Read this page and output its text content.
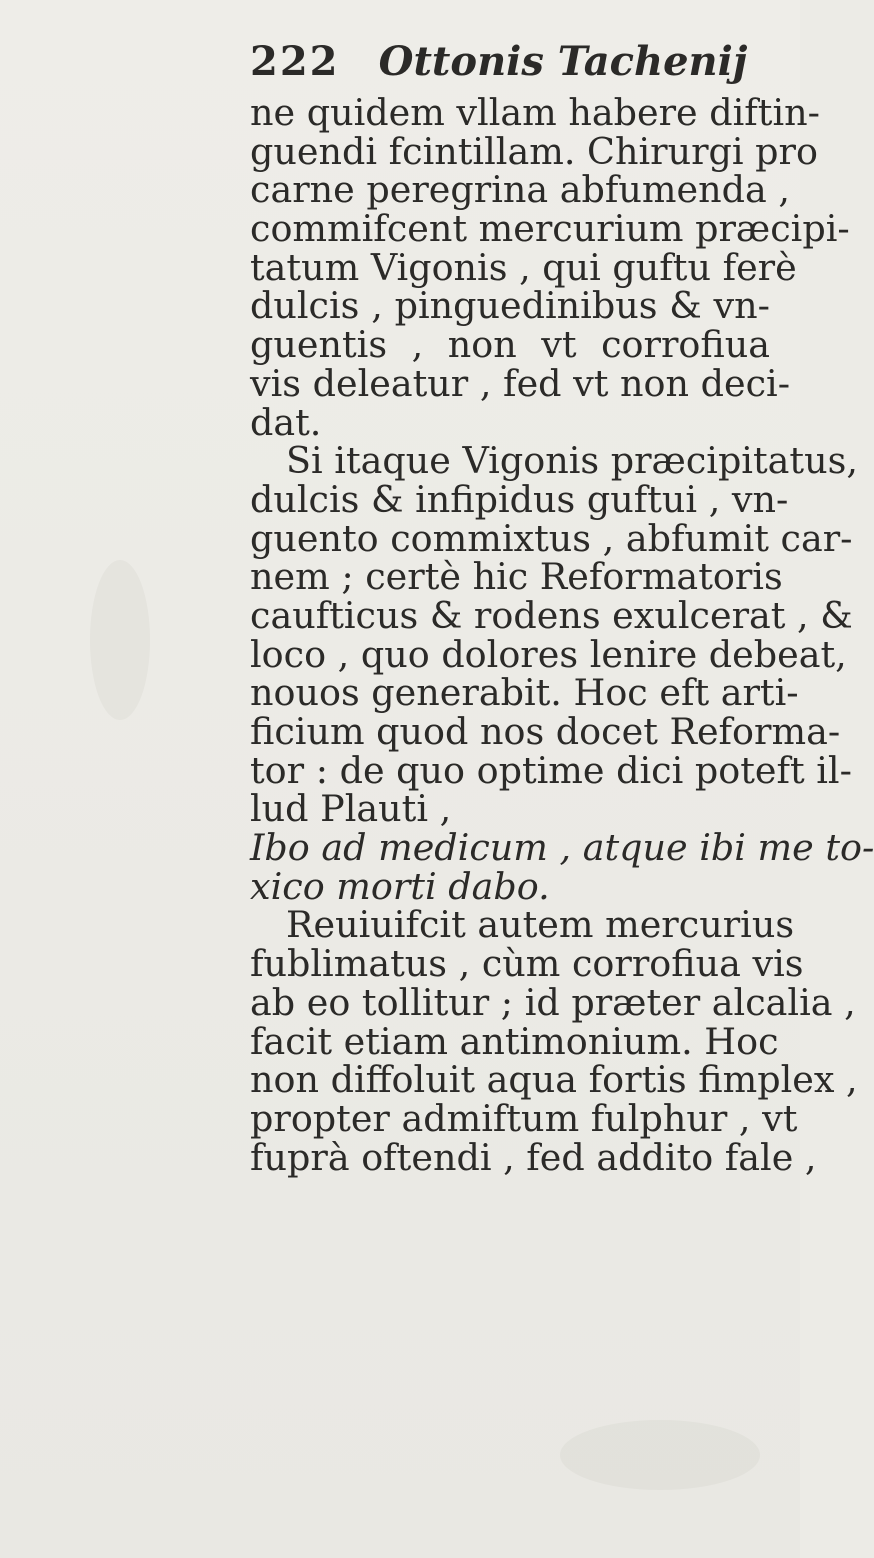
222 Ottonis Tachenij
ne quidem vllam habere diftin-
guendi fcintillam. Chirurgi pro
carne peregrina abfumenda ,
commifcent mercurium præcipi-
tatum Vigonis , qui guftu ferè
dulcis , pinguedinibus & vn-
guentis , non vt corrofiua
vis deleatur , fed vt non deci-
dat.
Si itaque Vigonis præcipitatus,
dulcis & infipidus guftui , vn-
guento commixtus , abfumit car-
nem ; certè hic Reformatoris
caufticus & rodens exulcerat , &
loco , quo dolores lenire debeat,
nouos generabit. Hoc eft arti-
ficium quod nos docet Reforma-
tor : de quo optime dici poteft il-
lud Plauti ,
Ibo ad medicum , atque ibi me to-
xico morti dabo.
Reuiuifcit autem mercurius
fublimatus , cùm corrofiua vis
ab eo tollitur ; id præter alcalia ,
facit etiam antimonium. Hoc
non diffoluit aqua fortis fimplex ,
propter admiftum fulphur , vt
fuprà oftendi , fed addito fale ,
